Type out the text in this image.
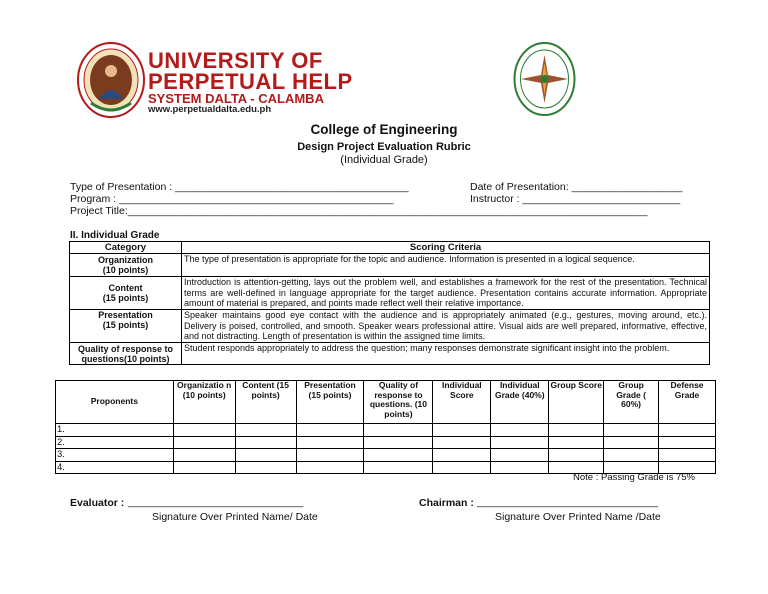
UNIVERSITY OF
PERPETUAL HELP
SYSTEM DALTA - CALAMBA
www.perpetualdalta.edu.ph
College of Engineering
Design Project Evaluation Rubric
(Individual Grade)
Type of Presentation : ________________________________________
Program : _______________________________________________
Project Title:_________________________________________________________________________________________
Date of Presentation: ___________________
Instructor : ___________________________
II. Individual Grade
Category	Scoring Criteria

Organization
(10 points)	The type of presentation is appropriate for the topic and audience. Information is presented in a logical sequence.

Content
(15 points)	Introduction is attention-getting, lays out the problem well, and establishes a framework for the rest of the presentation. Technical terms are well-defined in language appropriate for the target audience. Presentation contains accurate information. Appropriate amount of material is prepared, and points made reflect well their relative importance.

Presentation
(15 points)	Speaker maintains good eye contact with the audience and is appropriately animated (e.g., gestures, moving around, etc.). Delivery is poised, controlled, and smooth. Speaker wears professional attire. Visual aids are well prepared, informative, effective, and not distracting. Length of presentation is within the assigned time limits.

Quality of response to
questions(10 points)	Student responds appropriately to address the question; many responses demonstrate significant insight into the problem.
Proponents	Organizatio n (10 points)	Content (15 points)	Presentation (15 points)	Quality of response to questions. (10 points)	Individual Score	Individual Grade (40%)	Group Score	Group Grade ( 60%)	Defense Grade
1.									
2.									
3.									
4.									
Note : Passing Grade is 75%
Evaluator : ______________________________
Signature Over Printed Name/ Date
Chairman : _______________________________
Signature Over Printed Name /Date
